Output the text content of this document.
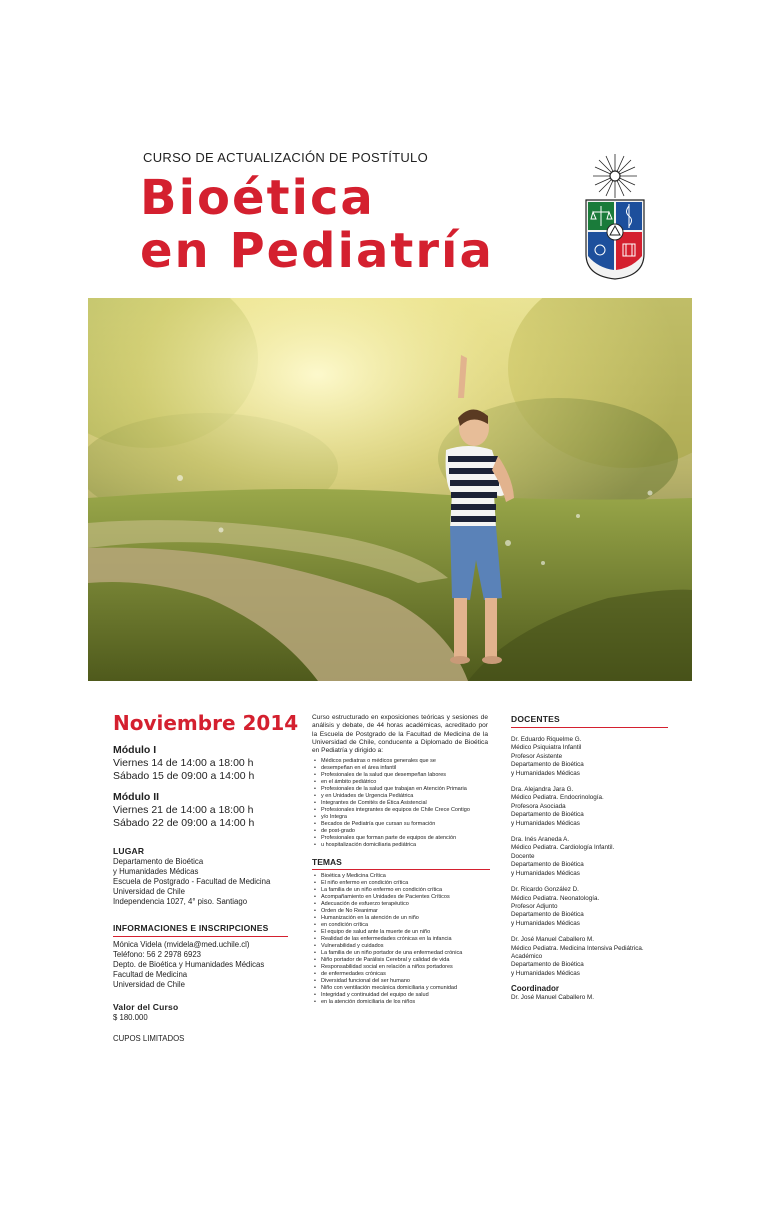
CURSO DE ACTUALIZACIÓN DE POSTÍTULO
Bioética
en Pediatría
Noviembre 2014
Módulo I
Viernes 14 de 14:00 a 18:00 h
Sábado 15 de 09:00 a 14:00 h
Módulo II
Viernes 21 de 14:00 a 18:00 h
Sábado 22 de 09:00 a 14:00 h
LUGAR
Departamento de Bioética
y Humanidades Médicas
Escuela de Postgrado - Facultad de Medicina
Universidad de Chile
Independencia 1027, 4° piso. Santiago
INFORMACIONES E INSCRIPCIONES
Mónica Videla (mvidela@med.uchile.cl)
Teléfono: 56 2 2978 6923
Depto. de Bioética y Humanidades Médicas
Facultad de Medicina
Universidad de Chile
Valor del Curso
$ 180.000
CUPOS LIMITADOS
Curso estructurado en exposiciones teóricas y sesiones de análisis y debate, de 44 horas académicas, acreditado por la Escuela de Postgrado de la Facultad de Medicina de la Universidad de Chile, conducente a Diplomado de Bioética en Pediatría y dirigido a:
• Médicos pediatras o médicos generales que se
• desempeñan en el área infantil
• Profesionales de la salud que desempeñan labores
• en el ámbito pediátrico
• Profesionales de la salud que trabajan en Atención Primaria
• y en Unidades de Urgencia Pediátrica
• Integrantes de Comités de Ética Asistencial
• Profesionales integrantes de equipos de Chile Crece Contigo
• y/o Integra
• Becados de Pediatría que cursan su formación
• de post-grado
• Profesionales que forman parte de equipos de atención
• u hospitalización domiciliaria pediátrica
TEMAS
• Bioética y Medicina Crítica
• El niño enfermo en condición crítica
• La familia de un niño enfermo en condición crítica
• Acompañamiento en Unidades de Pacientes Críticos
• Adecuación de esfuerzo terapéutico
• Orden de No Reanimar
• Humanización en la atención de un niño
• en condición crítica
• El equipo de salud ante la muerte de un niño
• Realidad de las enfermedades crónicas en la infancia
• Vulnerabilidad y cuidados
• La familia de un niño portador de una enfermedad crónica
• Niño portador de Parálisis Cerebral y calidad de vida
• Responsabilidad social en relación a niños portadores
• de enfermedades crónicas
• Diversidad funcional del ser humano
• Niño con ventilación mecánica domiciliaria y comunidad
• Integridad y continuidad del equipo de salud
• en la atención domiciliaria de los niños
DOCENTES
Dr. Eduardo Riquelme G.
Médico Psiquiatra Infantil
Profesor Asistente
Departamento de Bioética
y Humanidades Médicas
Dra. Alejandra Jara G.
Médico Pediatra. Endocrinología.
Profesora Asociada
Departamento de Bioética
y Humanidades Médicas
Dra. Inés Araneda A.
Médico Pediatra. Cardiología Infantil.
Docente
Departamento de Bioética
y Humanidades Médicas
Dr. Ricardo González D.
Médico Pediatra. Neonatología.
Profesor Adjunto
Departamento de Bioética
y Humanidades Médicas
Dr. José Manuel Caballero M.
Médico Pediatra. Medicina Intensiva Pediátrica.
Académico
Departamento de Bioética
y Humanidades Médicas
Coordinador
Dr. José Manuel Caballero M.
